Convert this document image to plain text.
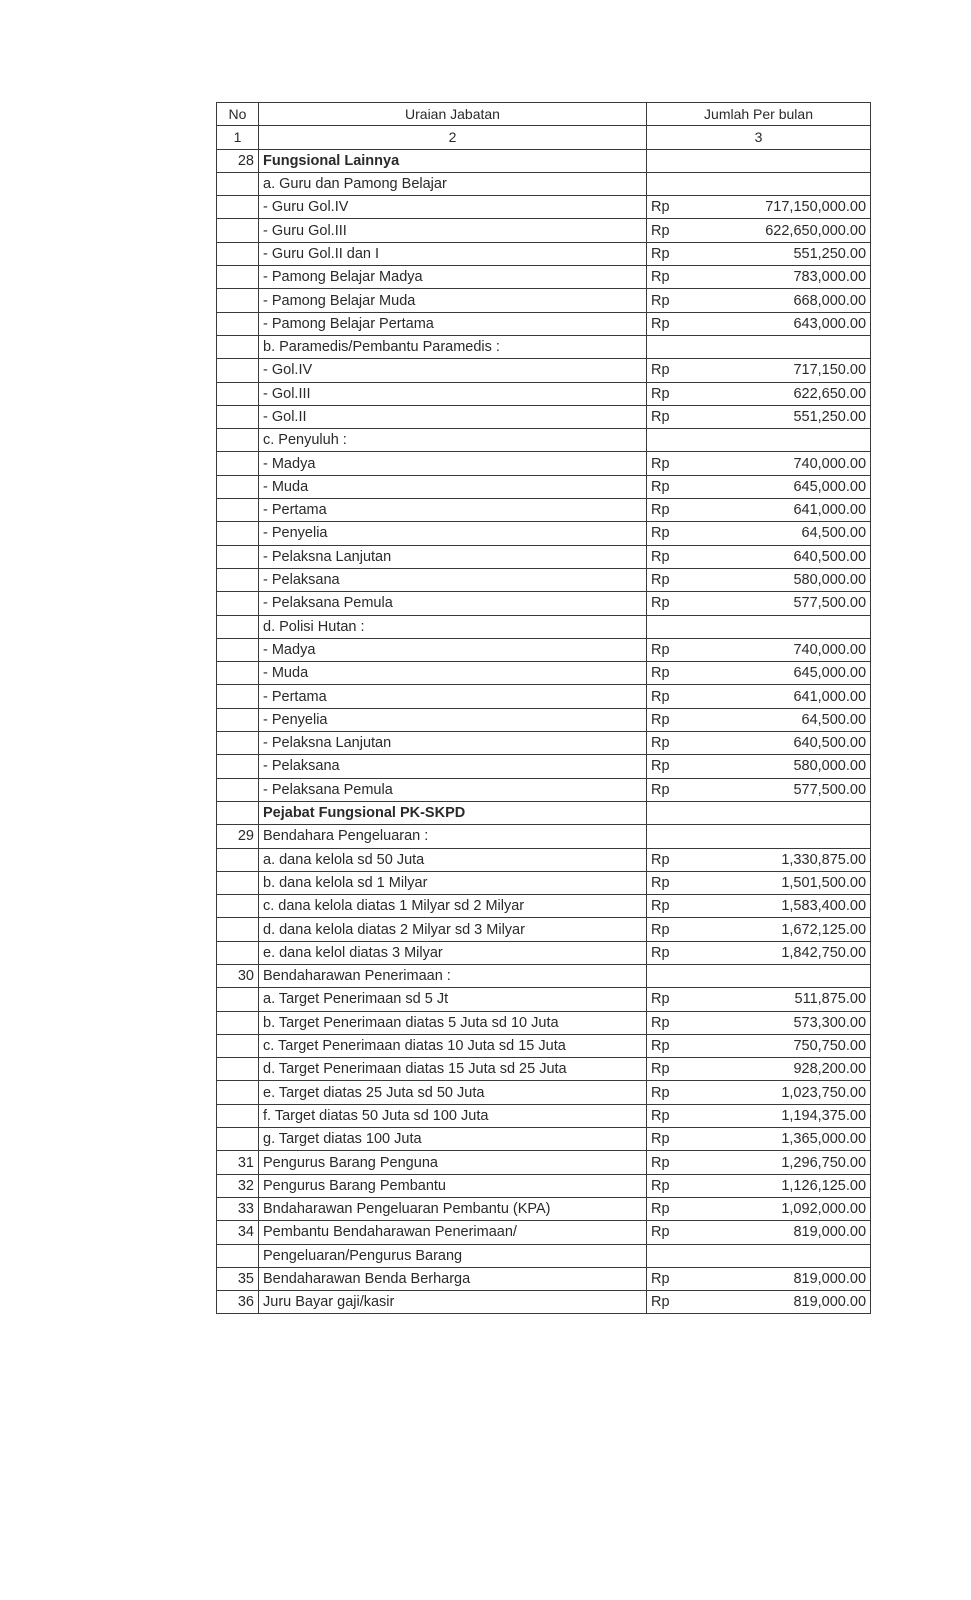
No	Uraian Jabatan	Jumlah Per bulan	
1	2	3	
28	Fungsional Lainnya		
	a. Guru dan Pamong Belajar		
	- Guru Gol.IV	Rp	717,150,000.00
	- Guru Gol.III	Rp	622,650,000.00
	- Guru Gol.II dan I	Rp	551,250.00
	- Pamong Belajar Madya	Rp	783,000.00
	- Pamong Belajar Muda	Rp	668,000.00
	- Pamong Belajar Pertama	Rp	643,000.00
	b. Paramedis/Pembantu Paramedis :		
	- Gol.IV	Rp	717,150.00
	- Gol.III	Rp	622,650.00
	- Gol.II	Rp	551,250.00
	c. Penyuluh :		
	- Madya	Rp	740,000.00
	- Muda	Rp	645,000.00
	- Pertama	Rp	641,000.00
	- Penyelia	Rp	64,500.00
	- Pelaksna Lanjutan	Rp	640,500.00
	- Pelaksana	Rp	580,000.00
	- Pelaksana Pemula	Rp	577,500.00
	d. Polisi Hutan :		
	- Madya	Rp	740,000.00
	- Muda	Rp	645,000.00
	- Pertama	Rp	641,000.00
	- Penyelia	Rp	64,500.00
	- Pelaksna Lanjutan	Rp	640,500.00
	- Pelaksana	Rp	580,000.00
	- Pelaksana Pemula	Rp	577,500.00
	Pejabat Fungsional PK-SKPD		
29	Bendahara Pengeluaran :		
	a. dana kelola sd 50 Juta	Rp	1,330,875.00
	b. dana kelola sd 1 Milyar	Rp	1,501,500.00
	c. dana kelola diatas 1 Milyar sd 2 Milyar	Rp	1,583,400.00
	d. dana kelola diatas 2 Milyar sd 3 Milyar	Rp	1,672,125.00
	e. dana kelol diatas 3 Milyar	Rp	1,842,750.00
30	Bendaharawan Penerimaan :		
	a. Target Penerimaan sd 5 Jt	Rp	511,875.00
	b. Target Penerimaan diatas 5 Juta sd 10 Juta	Rp	573,300.00
	c. Target Penerimaan diatas 10 Juta sd 15 Juta	Rp	750,750.00
	d. Target Penerimaan diatas 15 Juta sd 25 Juta	Rp	928,200.00
	e. Target diatas 25 Juta sd 50 Juta	Rp	1,023,750.00
	f. Target diatas 50 Juta sd 100 Juta	Rp	1,194,375.00
	g. Target diatas 100 Juta	Rp	1,365,000.00
31	Pengurus Barang Penguna	Rp	1,296,750.00
32	Pengurus Barang Pembantu	Rp	1,126,125.00
33	Bndaharawan Pengeluaran Pembantu (KPA)	Rp	1,092,000.00
34	Pembantu Bendaharawan Penerimaan/	Rp	819,000.00
	Pengeluaran/Pengurus Barang		
35	Bendaharawan Benda Berharga	Rp	819,000.00
36	Juru Bayar gaji/kasir	Rp	819,000.00
